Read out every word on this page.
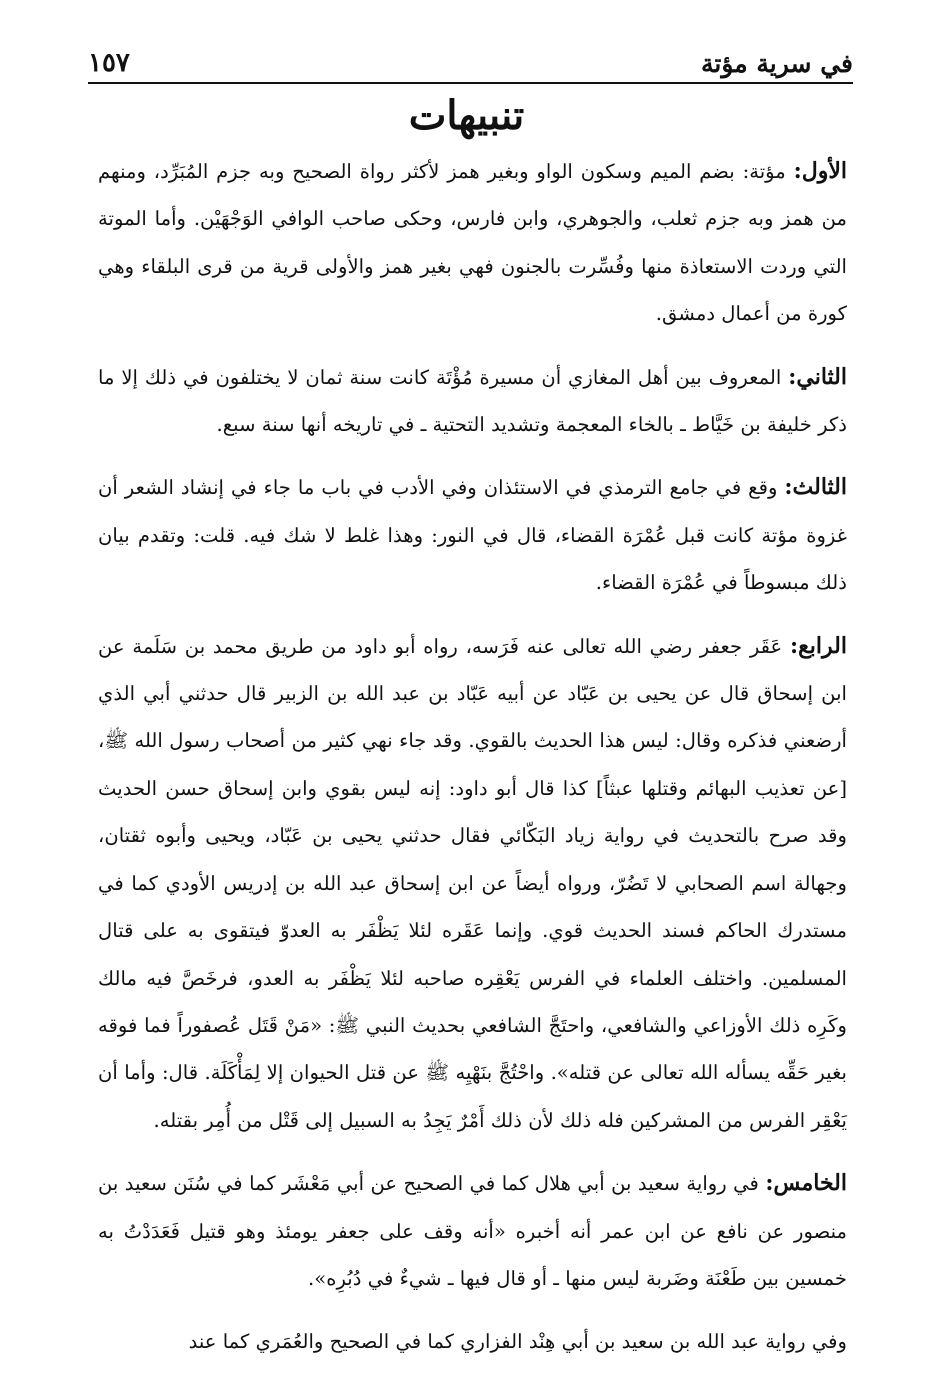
في سرية مؤتة
١٥٧
تنبيهات

الأول: مؤتة: بضم الميم وسكون الواو وبغير همز لأكثر رواة الصحيح وبه جزم المُبَرِّد، ومنهم من همز وبه جزم ثعلب، والجوهري، وابن فارس، وحكى صاحب الوافي الوَجْهَيْن. وأما الموتة التي وردت الاستعاذة منها وفُسِّرت بالجنون فهي بغير همز والأولى قرية من قرى البلقاء وهي كورة من أعمال دمشق.

الثاني: المعروف بين أهل المغازي أن مسيرة مُؤْتَة كانت سنة ثمان لا يختلفون في ذلك إلا ما ذكر خليفة بن خَيَّاط ـ بالخاء المعجمة وتشديد التحتية ـ في تاريخه أنها سنة سبع.

الثالث: وقع في جامع الترمذي في الاستئذان وفي الأدب في باب ما جاء في إنشاد الشعر أن غزوة مؤتة كانت قبل عُمْرَة القضاء، قال في النور: وهذا غلط لا شك فيه. قلت: وتقدم بيان ذلك مبسوطاً في عُمْرَة القضاء.

الرابع: عَقَر جعفر رضي الله تعالى عنه فَرَسه، رواه أبو داود من طريق محمد بن سَلَمة عن ابن إسحاق قال عن يحيى بن عَبّاد عن أبيه عَبّاد بن عبد الله بن الزبير قال حدثني أبي الذي أرضعني فذكره وقال: ليس هذا الحديث بالقوي. وقد جاء نهي كثير من أصحاب رسول الله ﷺ، [عن تعذيب البهائم وقتلها عبثاً] كذا قال أبو داود: إنه ليس بقوي وابن إسحاق حسن الحديث وقد صرح بالتحديث في رواية زياد البَكّائي فقال حدثني يحيى بن عَبّاد، ويحيى وأبوه ثقتان، وجهالة اسم الصحابي لا تَضُرّ، ورواه أيضاً عن ابن إسحاق عبد الله بن إدريس الأودي كما في مستدرك الحاكم فسند الحديث قوي. وإنما عَقَره لئلا يَظْفَر به العدوّ فيتقوى به على قتال المسلمين. واختلف العلماء في الفرس يَعْقِره صاحبه لئلا يَظْفَر به العدو، فرخَصَّ فيه مالك وكَرِه ذلك الأوزاعي والشافعي، واحتَجَّ الشافعي بحديث النبي ﷺ: «مَنْ قَتَل عُصفوراً فما فوقه بغير حَقِّه يسأله الله تعالى عن قتله». واحْتُجَّ بنَهْيِه ﷺ عن قتل الحيوان إلا لِمَأْكَلَة. قال: وأما أن يَعْقِر الفرس من المشركين فله ذلك لأن ذلك أَمْرٌ يَجِدُ به السبيل إلى قَتْل من أُمِر بقتله.

الخامس: في رواية سعيد بن أبي هلال كما في الصحيح عن أبي مَعْشَر كما في سُنَن سعيد بن منصور عن نافع عن ابن عمر أنه أخبره «أنه وقف على جعفر يومئذ وهو قتيل فَعَدَدْتُ به خمسين بين طَعْنَة وضَربة ليس منها ـ أو قال فيها ـ شيءٌ في دُبُرِه».

وفي رواية عبد الله بن سعيد بن أبي هِنْد الفزاري كما في الصحيح والعُمَري كما عند
